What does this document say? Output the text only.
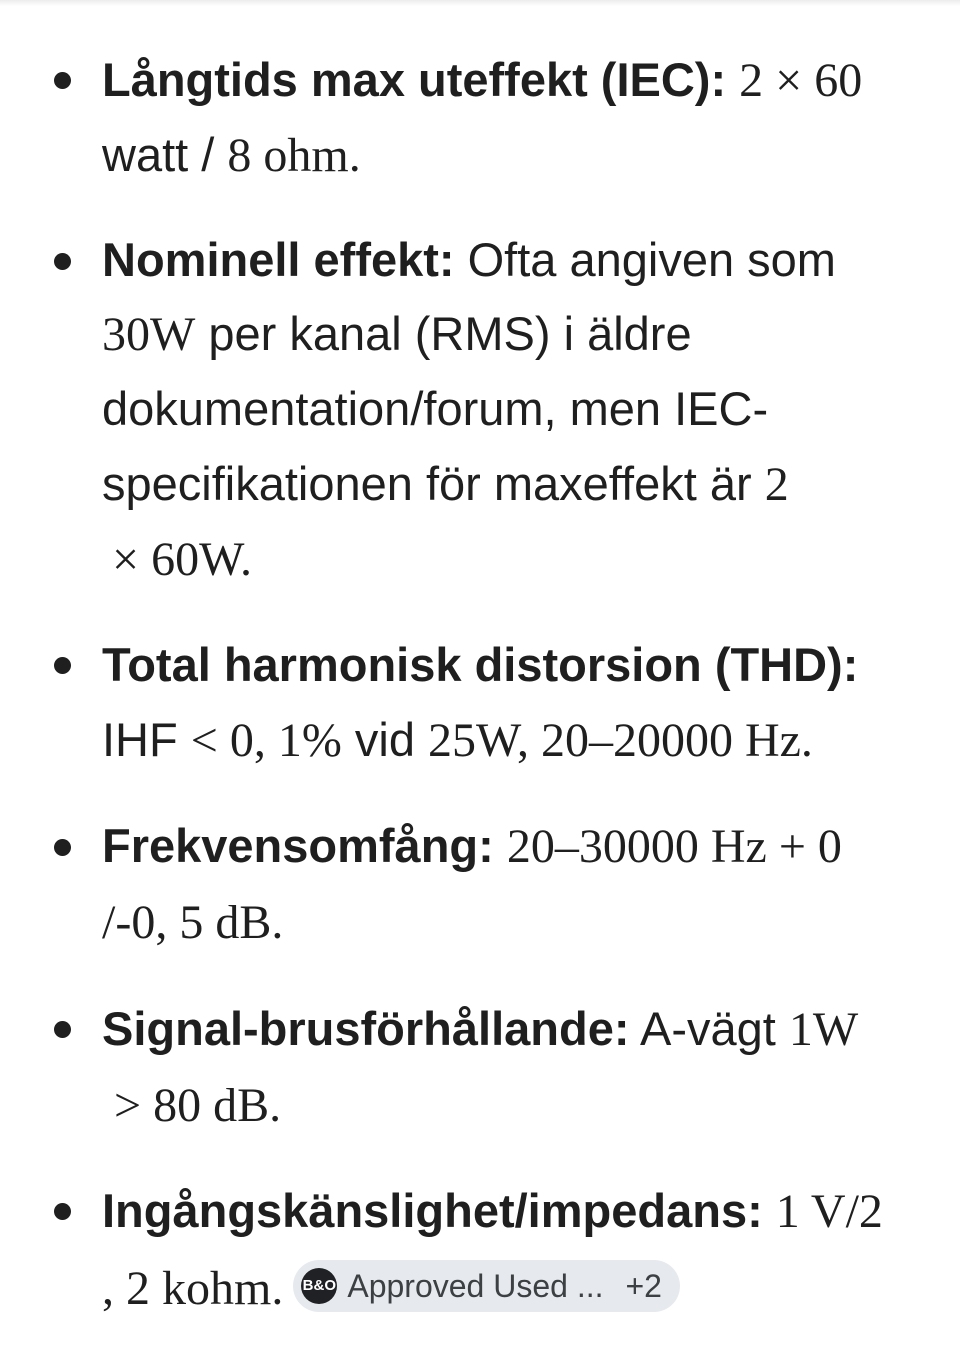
Långtids max uteffekt (IEC): 2 × 60
watt / 8 ohm.
Nominell effekt: Ofta angiven som
30W per kanal (RMS) i äldre
dokumentation/forum, men IEC-
specifikationen för maxeffekt är 2
× 60W.
Total harmonisk distorsion (THD):
IHF < 0, 1% vid 25W, 20–20000 Hz.
Frekvensomfång: 20–30000 Hz + 0
/-0, 5 dB.
Signal-brusförhållande: A-vägt 1W
> 80 dB.
Ingångskänslighet/impedans: 1 V/2
, 2 kohm. B&O Approved Used ... +2
